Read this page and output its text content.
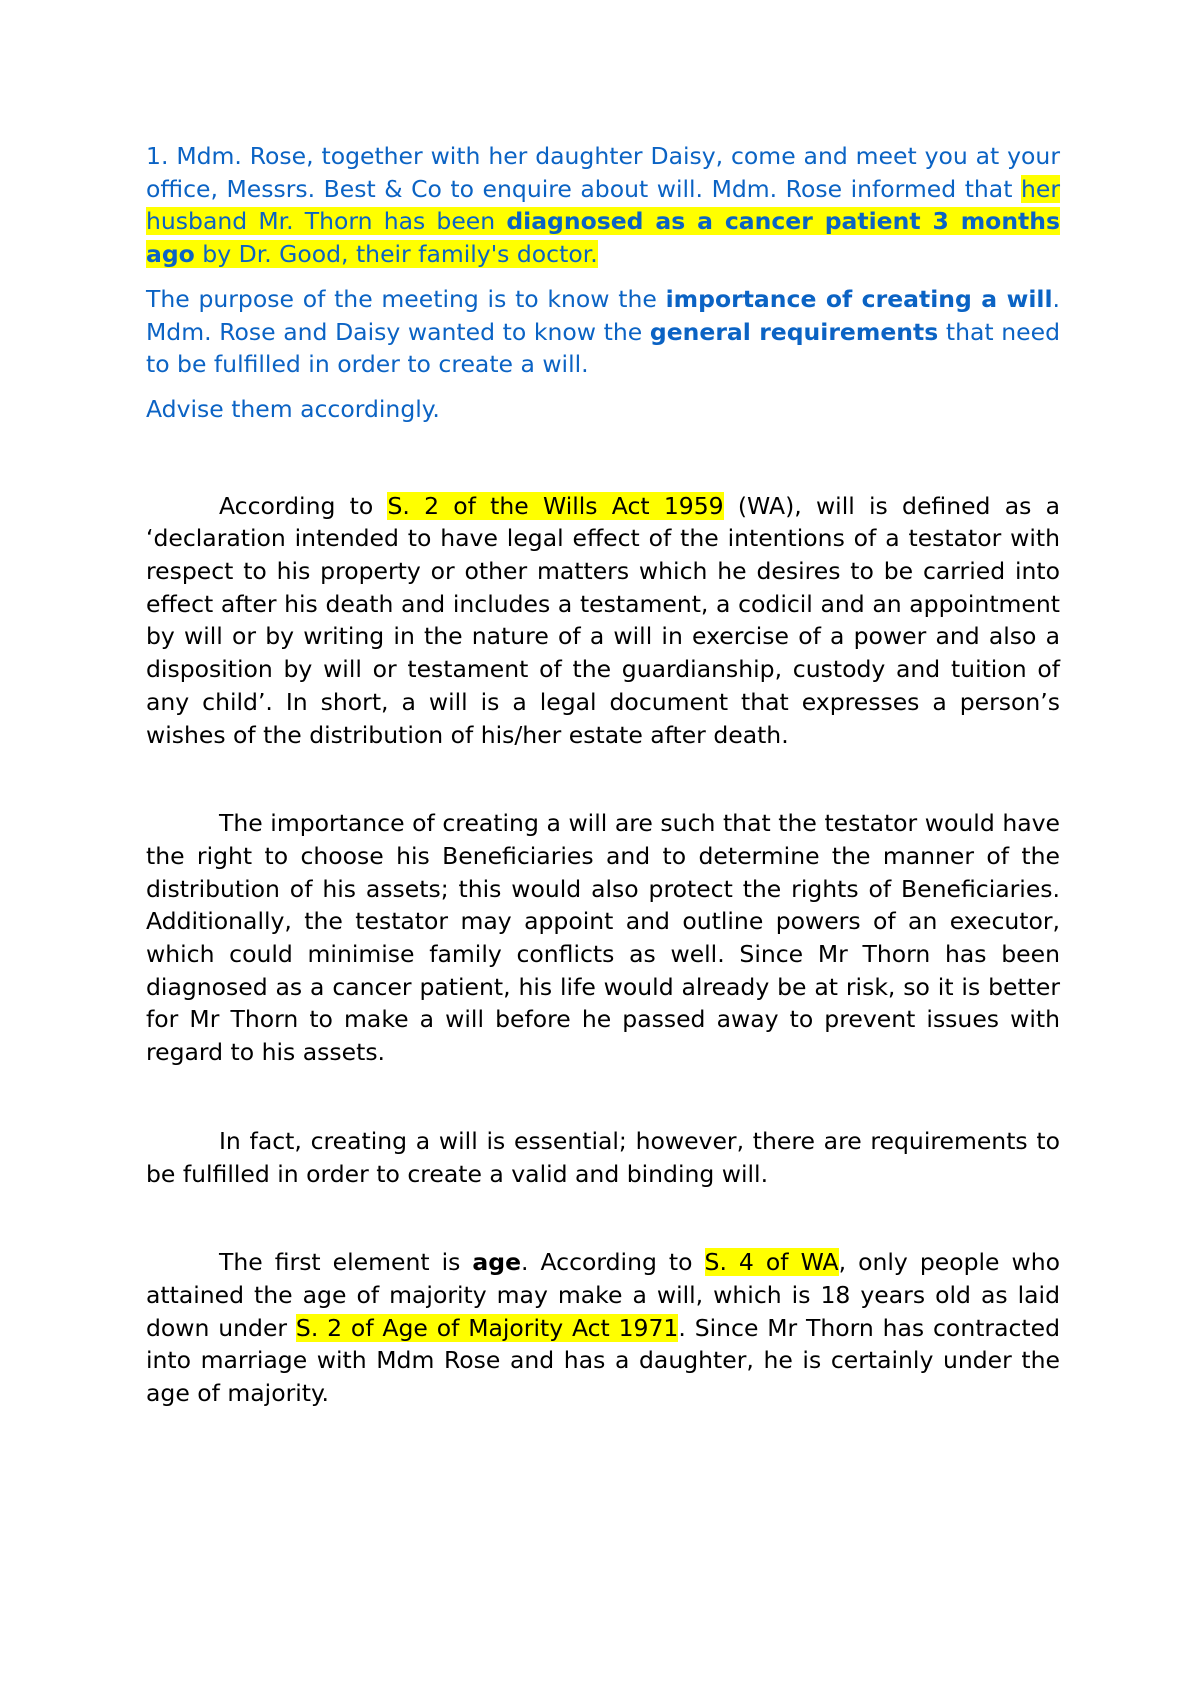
1. Mdm. Rose, together with her daughter Daisy, come and meet you at your office, Messrs. Best & Co to enquire about will. Mdm. Rose informed that her husband Mr. Thorn has been diagnosed as a cancer patient 3 months ago by Dr. Good, their family's doctor.

The purpose of the meeting is to know the importance of creating a will. Mdm. Rose and Daisy wanted to know the general requirements that need to be fulfilled in order to create a will.

Advise them accordingly.

According to S. 2 of the Wills Act 1959 (WA), will is defined as a ‘declaration intended to have legal effect of the intentions of a testator with respect to his property or other matters which he desires to be carried into effect after his death and includes a testament, a codicil and an appointment by will or by writing in the nature of a will in exercise of a power and also a disposition by will or testament of the guardianship, custody and tuition of any child’. In short, a will is a legal document that expresses a person’s wishes of the distribution of his/her estate after death.

The importance of creating a will are such that the testator would have the right to choose his Beneficiaries and to determine the manner of the distribution of his assets; this would also protect the rights of Beneficiaries. Additionally, the testator may appoint and outline powers of an executor, which could minimise family conflicts as well. Since Mr Thorn has been diagnosed as a cancer patient, his life would already be at risk, so it is better for Mr Thorn to make a will before he passed away to prevent issues with regard to his assets.

In fact, creating a will is essential; however, there are requirements to be fulfilled in order to create a valid and binding will.

The first element is age. According to S. 4 of WA, only people who attained the age of majority may make a will, which is 18 years old as laid down under S. 2 of Age of Majority Act 1971. Since Mr Thorn has contracted into marriage with Mdm Rose and has a daughter, he is certainly under the age of majority.
